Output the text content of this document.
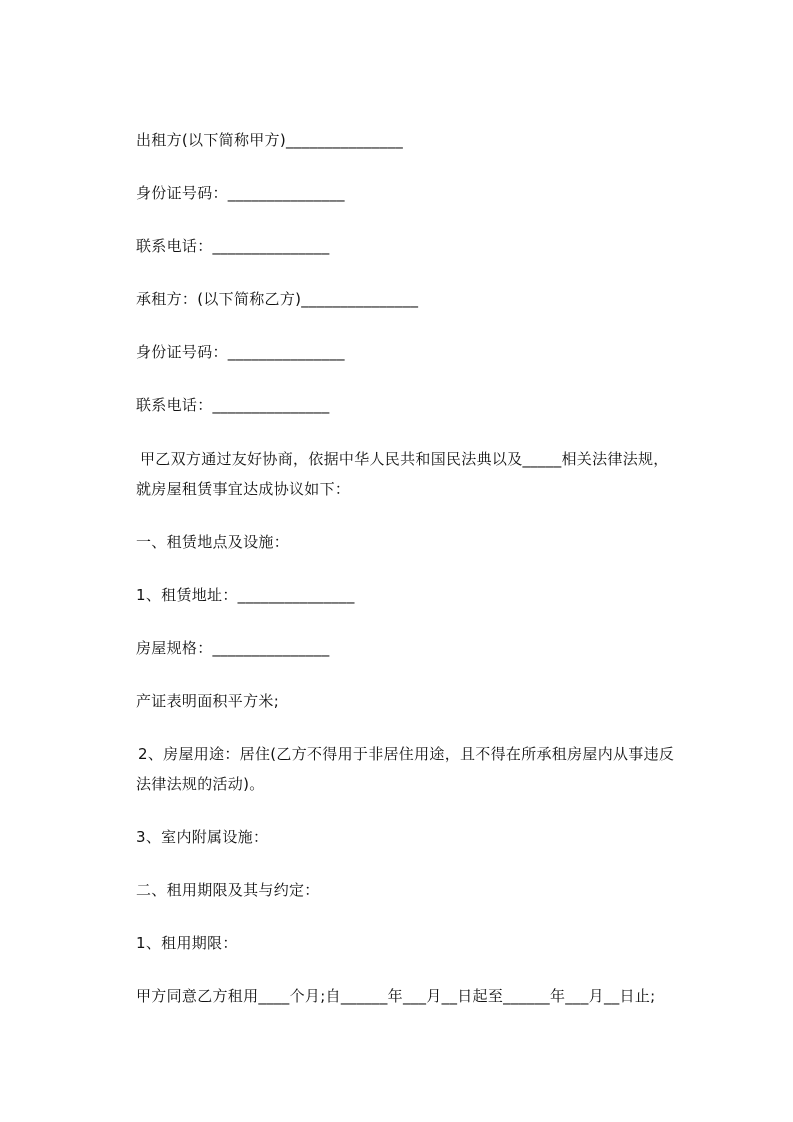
出租方(以下简称甲方)_______________
身份证号码：_______________
联系电话：_______________
承租方：(以下简称乙方)_______________
身份证号码：_______________
联系电话：_______________
甲乙双方通过友好协商，依据中华人民共和国民法典以及_____相关法律法规，
就房屋租赁事宜达成协议如下：
一、租赁地点及设施：
1、租赁地址：_______________
房屋规格：_______________
产证表明面积平方米;
2、房屋用途：居住(乙方不得用于非居住用途，且不得在所承租房屋内从事违反
法律法规的活动)。
3、室内附属设施：
二、租用期限及其与约定：
1、租用期限：
甲方同意乙方租用____个月;自______年___月__日起至______年___月__日止;
